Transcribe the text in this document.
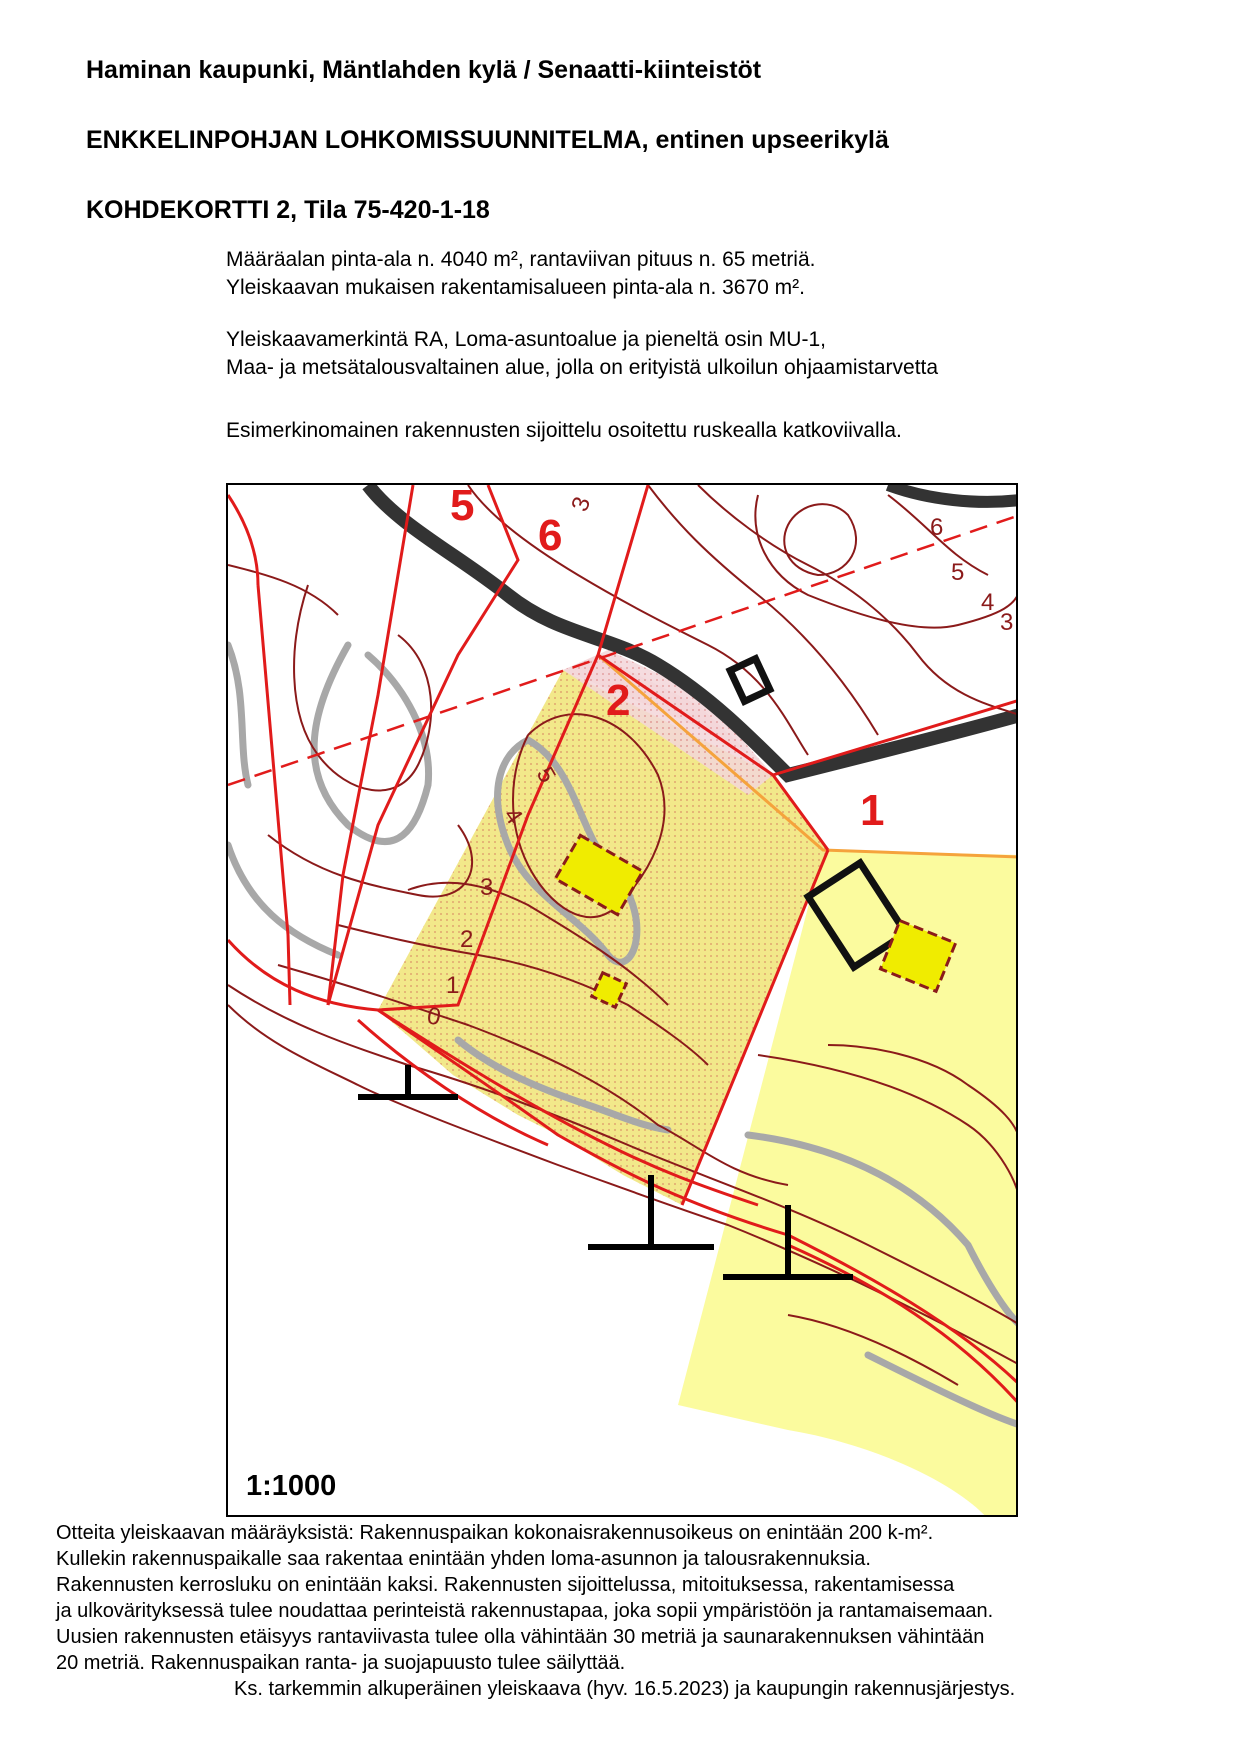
Haminan kaupunki, Mäntlahden kylä / Senaatti-kiinteistöt
ENKKELINPOHJAN LOHKOMISSUUNNITELMA, entinen upseerikylä
KOHDEKORTTI 2, Tila 75-420-1-18
Määräalan pinta-ala n. 4040 m², rantaviivan pituus n. 65 metriä.
Yleiskaavan mukaisen rakentamisalueen pinta-ala n. 3670 m².
Yleiskaavamerkintä RA, Loma-asuntoalue ja pieneltä osin MU-1,
Maa- ja metsätalousvaltainen alue, jolla on erityistä ulkoilun ohjaamistarvetta
Esimerkinomainen rakennusten sijoittelu osoitettu ruskealla katkoviivalla.
5
6
2
1
3
6
5
4
3
5
4
3
2
1
0
1:1000
Otteita yleiskaavan määräyksistä: Rakennuspaikan kokonaisrakennusoikeus on enintään 200 k-m².
Kullekin rakennuspaikalle saa rakentaa enintään yhden loma-asunnon ja talousrakennuksia.
Rakennusten kerrosluku on enintään kaksi. Rakennusten sijoittelussa, mitoituksessa, rakentamisessa
ja ulkovärityksessä tulee noudattaa perinteistä rakennustapaa, joka sopii ympäristöön ja rantamaisemaan.
Uusien rakennusten etäisyys rantaviivasta tulee olla vähintään 30 metriä ja saunarakennuksen vähintään
20 metriä. Rakennuspaikan ranta- ja suojapuusto tulee säilyttää.
Ks. tarkemmin alkuperäinen yleiskaava (hyv. 16.5.2023) ja kaupungin rakennusjärjestys.
